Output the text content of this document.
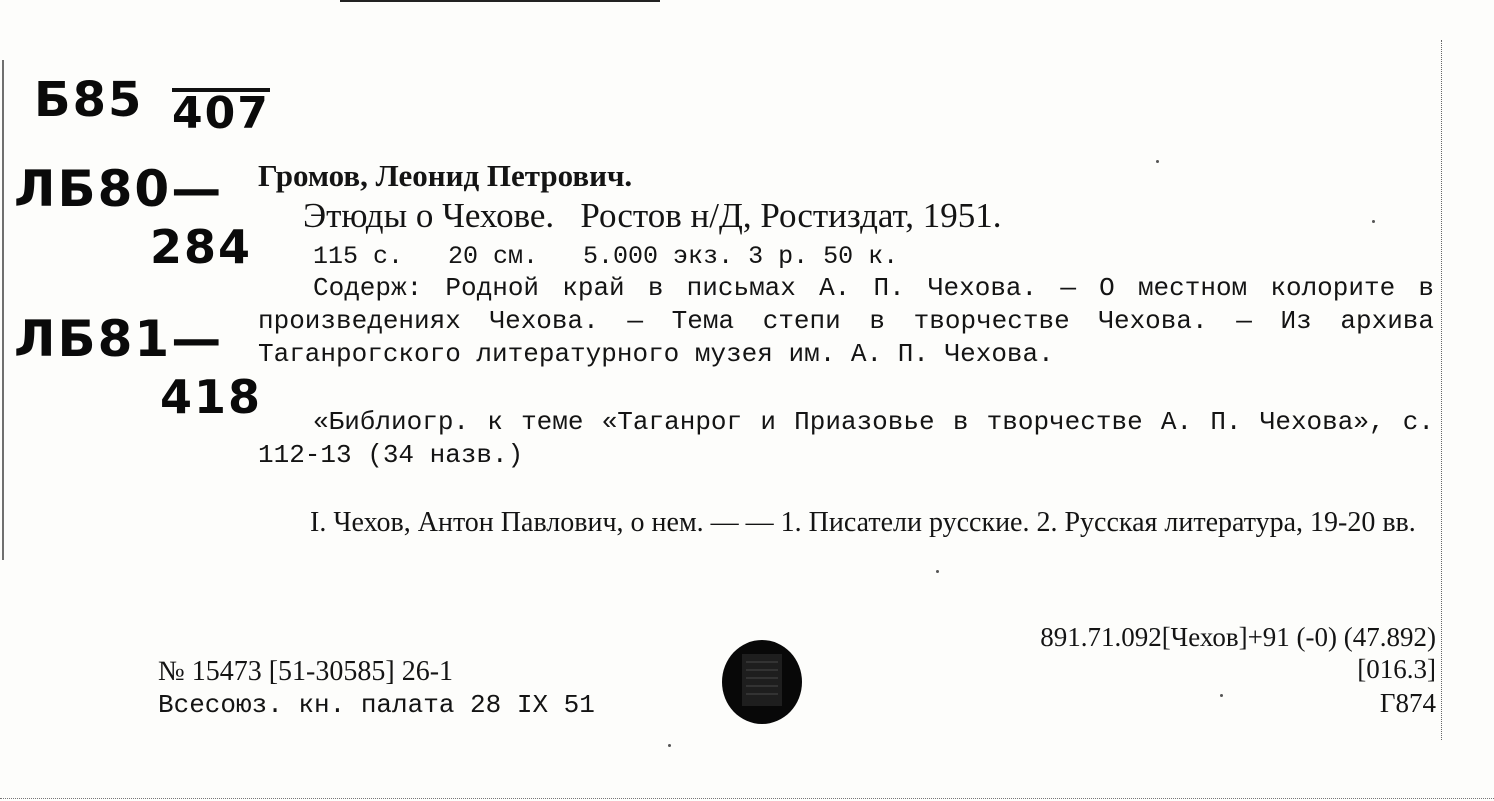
Б85 407
ЛБ80—
284
ЛБ81—
418
Громов, Леонид Петрович.
Этюды о Чехове.   Ростов н/Д, Ростиздат, 1951.
115 с.   20 см.   5.000 экз. 3 р. 50 к.
Содерж: Родной край в письмах А. П. Чехова. — О местном колорите в произведениях Чехова. — Тема степи в творчестве Чехова. — Из архива Таганрогского литературного музея им. А. П. Чехова.
«Библиогр. к теме «Таганрог и Приазовье в творчестве А. П. Чехова», с. 112-13 (34 назв.)
I. Чехов, Антон Павлович, о нем. — — 1. Писатели русские. 2. Русская литература, 19-20 вв.
891.71.092[Чехов]+91 (-0) (47.892)
[016.3]
Г874
№ 15473 [51-30585] 26-1
Всесоюз. кн. палата 28 IX 51
